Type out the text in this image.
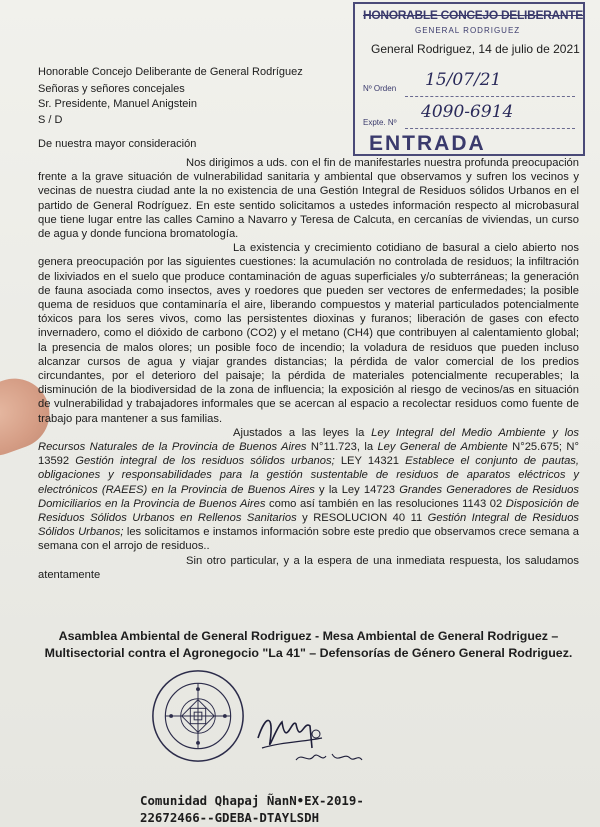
HONORABLE CONCEJO DELIBERANTE
GENERAL RODRIGUEZ
General Rodriguez, 14 de julio de 2021
Nº Orden 15/07/21
Expte. Nº
4090-6914
ENTRADA
Honorable Concejo Deliberante de General Rodríguez
Señoras y señores concejales
Sr. Presidente, Manuel Anigstein
S / D
De nuestra mayor consideración

Nos dirigimos a uds. con el fin de manifestarles nuestra profunda preocupación frente a la grave situación de vulnerabilidad sanitaria y ambiental que observamos y sufren los vecinos y vecinas de nuestra ciudad ante la no existencia de una Gestión Integral de Residuos sólidos Urbanos en el partido de General Rodríguez. En este sentido solicitamos a ustedes información respecto al microbasural que tiene lugar entre las calles Camino a Navarro y Teresa de Calcuta, en cercanías de viviendas, un curso de agua y donde funciona bromatología.

La existencia y crecimiento cotidiano de basural a cielo abierto nos genera preocupación por las siguientes cuestiones: la acumulación no controlada de residuos; la infiltración de lixiviados en el suelo que produce contaminación de aguas superficiales y/o subterráneas; la generación de fauna asociada como insectos, aves y roedores que pueden ser vectores de enfermedades; la posible quema de residuos que contaminaría el aire, liberando compuestos y material particulados potencialmente tóxicos para los seres vivos, como las persistentes dioxinas y furanos; liberación de gases con efecto invernadero, como el dióxido de carbono (CO2) y el metano (CH4) que contribuyen al calentamiento global; la presencia de malos olores; un posible foco de incendio; la voladura de residuos que pueden incluso alcanzar cursos de agua y viajar grandes distancias; la pérdida de valor comercial de los predios circundantes, por el deterioro del paisaje; la pérdida de materiales potencialmente recuperables; la disminución de la biodiversidad de la zona de influencia; la exposición al riesgo de vecinos/as en situación de vulnerabilidad y trabajadores informales que se acercan al espacio a recolectar residuos como fuente de trabajo para mantener a sus familias.

Ajustados a las leyes la Ley Integral del Medio Ambiente y los Recursos Naturales de la Provincia de Buenos Aires N°11.723, la Ley General de Ambiente N°25.675; N° 13592 Gestión integral de los residuos sólidos urbanos; LEY 14321 Establece el conjunto de pautas, obligaciones y responsabilidades para la gestión sustentable de residuos de aparatos eléctricos y electrónicos (RAEES) en la Provincia de Buenos Aires y la Ley 14723 Grandes Generadores de Residuos Domiciliarios en la Provincia de Buenos Aires como así también en las resoluciones 1143 02 Disposición de Residuos Sólidos Urbanos en Rellenos Sanitarios y RESOLUCION 40 11 Gestión Integral de Residuos Sólidos Urbanos; les solicitamos e instamos información sobre este predio que observamos crece semana a semana con el arrojo de residuos..

Sin otro particular, y a la espera de una inmediata respuesta, los saludamos atentamente

Asamblea Ambiental de General Rodriguez - Mesa Ambiental de General Rodriguez –
Multisectorial contra el Agronegocio "La 41" – Defensorías de Género General Rodriguez.
Comunidad Qhapaj ÑanN•EX-2019-
22672466--GDEBA-DTAYLSDH
